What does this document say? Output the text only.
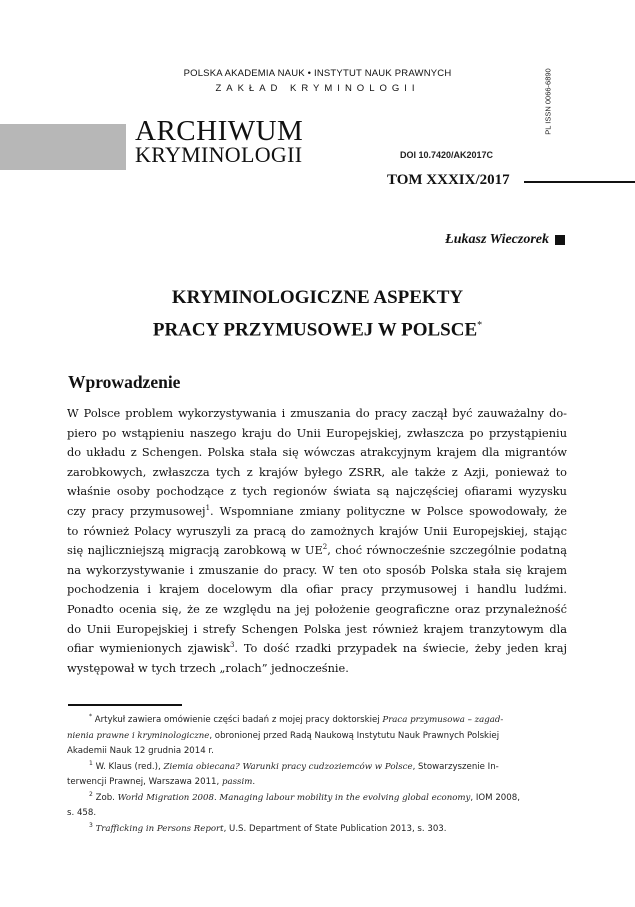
POLSKA AKADEMIA NAUK • INSTYTUT NAUK PRAWNYCH
ZAKŁAD KRYMINOLOGII	PL ISSN 0066-6890
ARCHIWUM
KRYMINOLOGII	DOI 10.7420/AK2017C
TOM XXXIX/2017
Łukasz Wieczorek
KRYMINOLOGICZNE ASPEKTY
PRACY PRZYMUSOWEJ W POLSCE*
Wprowadzenie
W Polsce problem wykorzystywania i zmuszania do pracy zaczął być zauważalny do-
piero po wstąpieniu naszego kraju do Unii Europejskiej, zwłaszcza po przystąpieniu
do układu z Schengen. Polska stała się wówczas atrakcyjnym krajem dla migrantów
zarobkowych, zwłaszcza tych z krajów byłego ZSRR, ale także z Azji, ponieważ to
właśnie osoby pochodzące z tych regionów świata są najczęściej ofiarami wyzysku
czy pracy przymusowej$^1$. Wspomniane zmiany polityczne w Polsce spowodowały, że
to również Polacy wyruszyli za pracą do zamożnych krajów Unii Europejskiej, stając
się najliczniejszą migracją zarobkową w $UE^2$, choć równocześnie szczególnie podatną
na wykorzystywanie i zmuszanie do pracy. W ten oto sposób Polska stała się krajem
pochodzenia i krajem docelowym dla ofiar pracy przymusowej i handlu ludźmi.
Ponadto ocenia się, że ze względu na jej położenie geograficzne oraz przynależność
do Unii Europejskiej i strefy Schengen Polska jest również krajem tranzytowym dla
ofiar wymienionych zjawisk$^3$. To dość rzadki przypadek na świecie, żeby jeden kraj
występował w tych trzech „rolach” jednocześnie.
* Artykuł zawiera omówienie części badań z mojej pracy doktorskiej Praca przymusowa – zagad-
nienia prawne i kryminologiczne, obronionej przed Radą Naukową Instytutu Nauk Prawnych Polskiej
Akademii Nauk 12 grudnia 2014 r.
$^1$ W. Klaus (red.), Ziemia obiecana? Warunki pracy cudzoziemców w Polsce, Stowarzyszenie In-
terwencji Prawnej, Warszawa 2011, passim.
$^2$ Zob. World Migration 2008. Managing labour mobility in the evolving global economy, IOM 2008,
s. 458.
$^3$ Trafficking in Persons Report, U.S. Department of State Publication 2013, s. 303.
